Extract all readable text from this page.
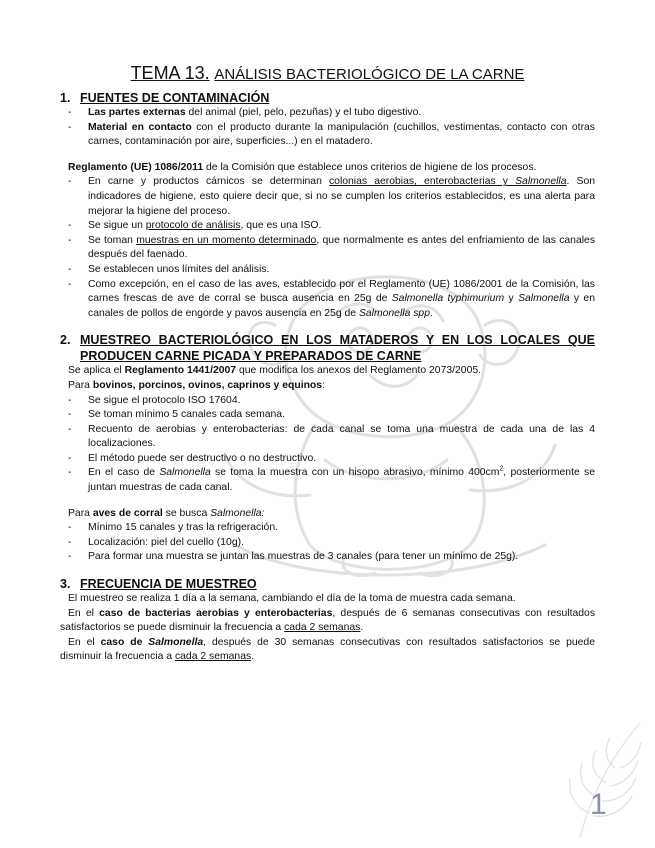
1
TEMA 13. ANÁLISIS BACTERIOLÓGICO DE LA CARNE
1. FUENTES DE CONTAMINACIÓN
- Las partes externas del animal (piel, pelo, pezuñas) y el tubo digestivo.
- Material en contacto con el producto durante la manipulación (cuchillos, vestimentas, contacto con otras carnes, contaminación por aire, superficies...) en el matadero.

Reglamento (UE) 1086/2011 de la Comisión que establece unos criterios de higiene de los procesos.

- En carne y productos cárnicos se determinan colonias aerobias, enterobacterias y Salmonella. Son indicadores de higiene, esto quiere decir que, si no se cumplen los criterios establecidos, es una alerta para mejorar la higiene del proceso.
- Se sigue un protocolo de análisis, que es una ISO.
- Se toman muestras en un momento determinado, que normalmente es antes del enfriamiento de las canales después del faenado.
- Se establecen unos límites del análisis.
- Como excepción, en el caso de las aves, establecido por el Reglamento (UE) 1086/2001 de la Comisión, las carnes frescas de ave de corral se busca ausencia en 25g de Salmonella typhimurium y Salmonella y en canales de pollos de engorde y pavos ausencia en 25g de Salmonella spp.
2. MUESTREO BACTERIOLÓGICO EN LOS MATADEROS Y EN LOS LOCALES QUE PRODUCEN CARNE PICADA Y PREPARADOS DE CARNE

Se aplica el Reglamento 1441/2007 que modifica los anexos del Reglamento 2073/2005.

Para bovinos, porcinos, ovinos, caprinos y equinos:

- Se sigue el protocolo ISO 17604.
- Se toman mínimo 5 canales cada semana.
- Recuento de aerobias y enterobacterias: de cada canal se toma una muestra de cada una de las 4 localizaciones.
- El método puede ser destructivo o no destructivo.
- En el caso de Salmonella se toma la muestra con un hisopo abrasivo, mínimo $400cm^2$, posteriormente se juntan muestras de cada canal.

Para aves de corral se busca Salmonella:

- Mínimo 15 canales y tras la refrigeración.
- Localización: piel del cuello (10g).
- Para formar una muestra se juntan las muestras de 3 canales (para tener un mínimo de 25g).
3. FRECUENCIA DE MUESTREO

El muestreo se realiza 1 día a la semana, cambiando el día de la toma de muestra cada semana.

En el caso de bacterias aerobias y enterobacterias, después de 6 semanas consecutivas con resultados satisfactorios se puede disminuir la frecuencia a cada 2 semanas.

En el caso de Salmonella, después de 30 semanas consecutivas con resultados satisfactorios se puede disminuir la frecuencia a cada 2 semanas.
